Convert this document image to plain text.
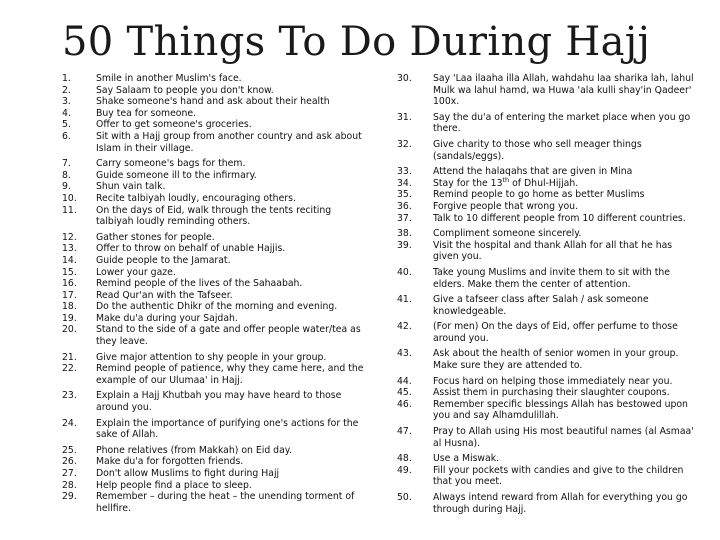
50 Things To Do During Hajj
1.	Smile in another Muslim's face.
2.	Say Salaam to people you don't know.
3.	Shake someone's hand and ask about their health
4.	Buy tea for someone.
5.	Offer to get someone's groceries.
6.	Sit with a Hajj group from another country and ask about Islam in their village.
7.	Carry someone's bags for them.
8.	Guide someone ill to the infirmary.
9.	Shun vain talk.
10.	Recite talbiyah loudly, encouraging others.
11.	On the days of Eid, walk through the tents reciting talbiyah loudly reminding others.
12.	Gather stones for people.
13.	Offer to throw on behalf of unable Hajjis.
14.	Guide people to the Jamarat.
15.	Lower your gaze.
16.	Remind people of the lives of the Sahaabah.
17.	Read Qur'an with the Tafseer.
18.	Do the authentic Dhikr of the morning and evening.
19.	Make du'a during your Sajdah.
20.	Stand to the side of a gate and offer people water/tea as they leave.
21.	Give major attention to shy people in your group.
22.	Remind people of patience, why they came here, and the example of our Ulumaa' in Hajj.
23.	Explain a Hajj Khutbah you may have heard to those around you.
24.	Explain the importance of purifying one's actions for the sake of Allah.
25.	Phone relatives (from Makkah) on Eid day.
26.	Make du'a for forgotten friends.
27.	Don't allow Muslims to fight during Hajj
28.	Help people find a place to sleep.
29.	Remember – during the heat – the unending torment of hellfire.
30.	Say 'Laa ilaaha illa Allah, wahdahu laa sharika lah, lahul Mulk wa lahul hamd, wa Huwa 'ala kulli shay'in Qadeer' 100x.
31.	Say the du'a of entering the market place when you go there.
32.	Give charity to those who sell meager things (sandals/eggs).
33.	Attend the halaqahs that are given in Mina
34.	Stay for the 13th of Dhul-Hijjah.
35.	Remind people to go home as better Muslims
36.	Forgive people that wrong you.
37.	Talk to 10 different people from 10 different countries.
38.	Compliment someone sincerely.
39.	Visit the hospital and thank Allah for all that he has given you.
40.	Take young Muslims and invite them to sit with the elders. Make them the center of attention.
41.	Give a tafseer class after Salah / ask someone knowledgeable.
42.	(For men) On the days of Eid, offer perfume to those around you.
43.	Ask about the health of senior women in your group. Make sure they are attended to.
44.	Focus hard on helping those immediately near you.
45.	Assist them in purchasing their slaughter coupons.
46.	Remember specific blessings Allah has bestowed upon you and say Alhamdulillah.
47.	Pray to Allah using His most beautiful names (al Asmaa' al Husna).
48.	Use a Miswak.
49.	Fill your pockets with candies and give to the children that you meet.
50.	Always intend reward from Allah for everything you go through during Hajj.
